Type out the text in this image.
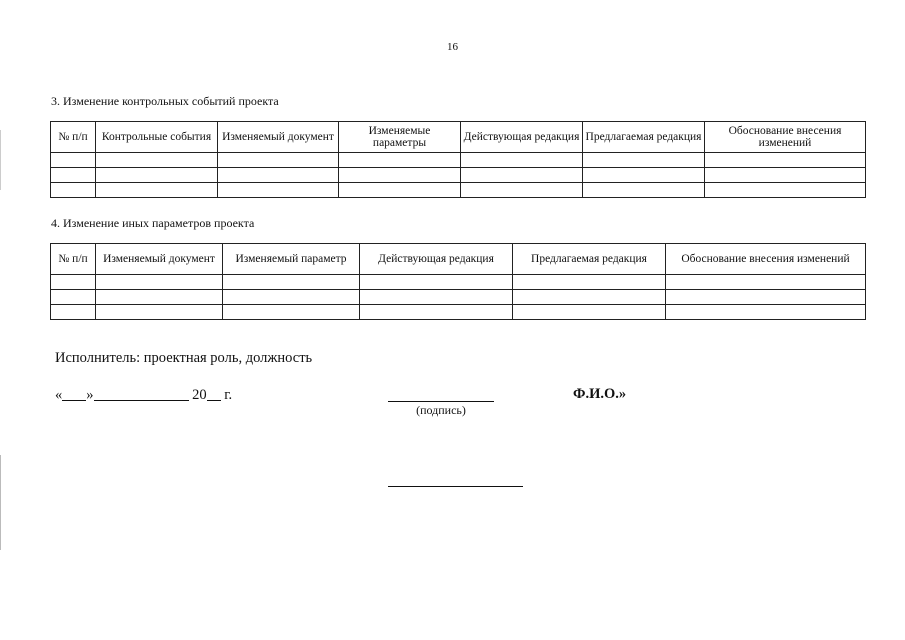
16
3. Изменение контрольных событий проекта
№ п/п	Контрольные события	Изменяемый документ	Изменяемые параметры	Действующая редакция	Предлагаемая редакция	Обоснование внесения изменений

4. Изменение иных параметров проекта
№ п/п	Изменяемый документ	Изменяемый параметр	Действующая редакция	Предлагаемая редакция	Обоснование внесения изменений

Исполнитель: проектная роль, должность
« »	20 г.
(подпись)
Ф.И.О.»
